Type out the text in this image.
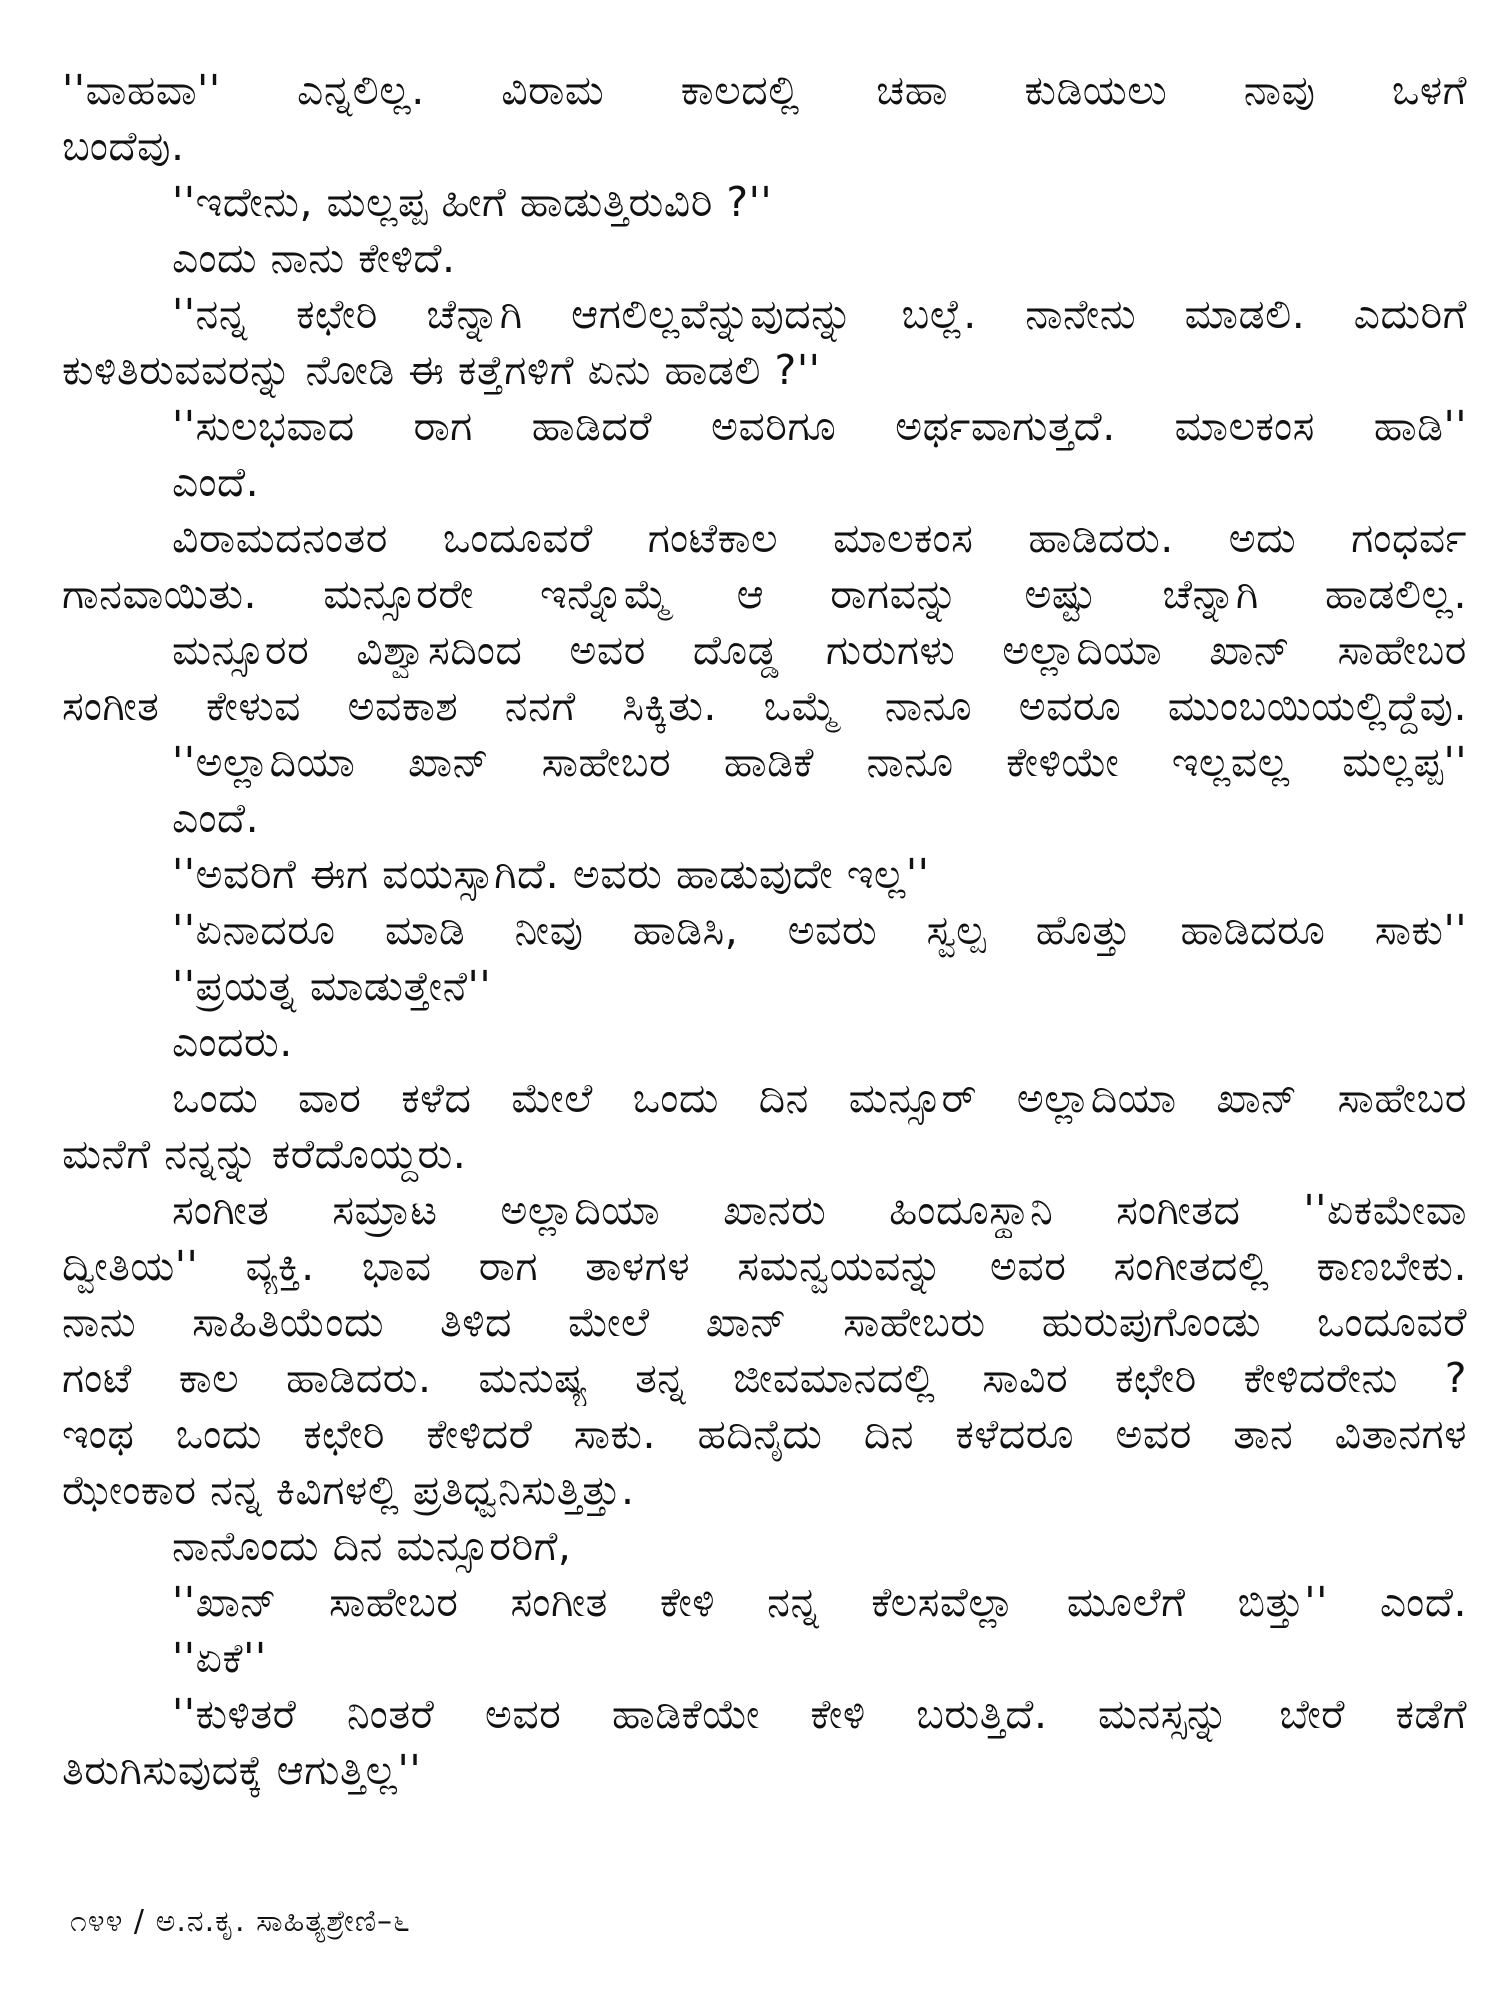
''ವಾಹವಾ'' ಎನ್ನಲಿಲ್ಲ. ವಿರಾಮ ಕಾಲದಲ್ಲಿ ಚಹಾ ಕುಡಿಯಲು ನಾವು ಒಳಗೆ
ಬಂದೆವು.
''ಇದೇನು, ಮಲ್ಲಪ್ಪ ಹೀಗೆ ಹಾಡುತ್ತಿರುವಿರಿ ?''
ಎಂದು ನಾನು ಕೇಳಿದೆ.
''ನನ್ನ ಕಛೇರಿ ಚೆನ್ನಾಗಿ ಆಗಲಿಲ್ಲವೆನ್ನುವುದನ್ನು ಬಲ್ಲೆ. ನಾನೇನು ಮಾಡಲಿ. ಎದುರಿಗೆ
ಕುಳಿತಿರುವವರನ್ನು ನೋಡಿ ಈ ಕತ್ತೆಗಳಿಗೆ ಏನು ಹಾಡಲಿ ?''
''ಸುಲಭವಾದ ರಾಗ ಹಾಡಿದರೆ ಅವರಿಗೂ ಅರ್ಥವಾಗುತ್ತದೆ. ಮಾಲಕಂಸ ಹಾಡಿ''
ಎಂದೆ.
ವಿರಾಮದನಂತರ ಒಂದೂವರೆ ಗಂಟೆಕಾಲ ಮಾಲಕಂಸ ಹಾಡಿದರು. ಅದು ಗಂಧರ್ವ
ಗಾನವಾಯಿತು. ಮನ್ಸೂರರೇ ಇನ್ನೊಮ್ಮೆ ಆ ರಾಗವನ್ನು ಅಷ್ಟು ಚೆನ್ನಾಗಿ ಹಾಡಲಿಲ್ಲ.
ಮನ್ಸೂರರ ವಿಶ್ವಾಸದಿಂದ ಅವರ ದೊಡ್ಡ ಗುರುಗಳು ಅಲ್ಲಾದಿಯಾ ಖಾನ್ ಸಾಹೇಬರ
ಸಂಗೀತ ಕೇಳುವ ಅವಕಾಶ ನನಗೆ ಸಿಕ್ಕಿತು. ಒಮ್ಮೆ ನಾನೂ ಅವರೂ ಮುಂಬಯಿಯಲ್ಲಿದ್ದೆವು.
''ಅಲ್ಲಾದಿಯಾ ಖಾನ್ ಸಾಹೇಬರ ಹಾಡಿಕೆ ನಾನೂ ಕೇಳಿಯೇ ಇಲ್ಲವಲ್ಲ ಮಲ್ಲಪ್ಪ''
ಎಂದೆ.
''ಅವರಿಗೆ ಈಗ ವಯಸ್ಸಾಗಿದೆ. ಅವರು ಹಾಡುವುದೇ ಇಲ್ಲ''
''ಏನಾದರೂ ಮಾಡಿ ನೀವು ಹಾಡಿಸಿ, ಅವರು ಸ್ವಲ್ಪ ಹೊತ್ತು ಹಾಡಿದರೂ ಸಾಕು''
''ಪ್ರಯತ್ನ ಮಾಡುತ್ತೇನೆ''
ಎಂದರು.
ಒಂದು ವಾರ ಕಳೆದ ಮೇಲೆ ಒಂದು ದಿನ ಮನ್ಸೂರ್ ಅಲ್ಲಾದಿಯಾ ಖಾನ್ ಸಾಹೇಬರ
ಮನೆಗೆ ನನ್ನನ್ನು ಕರೆದೊಯ್ದರು.
ಸಂಗೀತ ಸಮ್ರಾಟ ಅಲ್ಲಾದಿಯಾ ಖಾನರು ಹಿಂದೂಸ್ಥಾನಿ ಸಂಗೀತದ ''ಏಕಮೇವಾ
ದ್ವೀತಿಯ'' ವ್ಯಕ್ತಿ. ಭಾವ ರಾಗ ತಾಳಗಳ ಸಮನ್ವಯವನ್ನು ಅವರ ಸಂಗೀತದಲ್ಲಿ ಕಾಣಬೇಕು.
ನಾನು ಸಾಹಿತಿಯೆಂದು ತಿಳಿದ ಮೇಲೆ ಖಾನ್ ಸಾಹೇಬರು ಹುರುಪುಗೊಂಡು ಒಂದೂವರೆ
ಗಂಟೆ ಕಾಲ ಹಾಡಿದರು. ಮನುಷ್ಯ ತನ್ನ ಜೀವಮಾನದಲ್ಲಿ ಸಾವಿರ ಕಛೇರಿ ಕೇಳಿದರೇನು ?
ಇಂಥ ಒಂದು ಕಛೇರಿ ಕೇಳಿದರೆ ಸಾಕು. ಹದಿನೈದು ದಿನ ಕಳೆದರೂ ಅವರ ತಾನ ವಿತಾನಗಳ
ಝೇಂಕಾರ ನನ್ನ ಕಿವಿಗಳಲ್ಲಿ ಪ್ರತಿಧ್ವನಿಸುತ್ತಿತ್ತು.
ನಾನೊಂದು ದಿನ ಮನ್ಸೂರರಿಗೆ,
''ಖಾನ್ ಸಾಹೇಬರ ಸಂಗೀತ ಕೇಳಿ ನನ್ನ ಕೆಲಸವೆಲ್ಲಾ ಮೂಲೆಗೆ ಬಿತ್ತು'' ಎಂದೆ.
''ಏಕೆ''
''ಕುಳಿತರೆ ನಿಂತರೆ ಅವರ ಹಾಡಿಕೆಯೇ ಕೇಳಿ ಬರುತ್ತಿದೆ. ಮನಸ್ಸನ್ನು ಬೇರೆ ಕಡೆಗೆ
ತಿರುಗಿಸುವುದಕ್ಕೆ ಆಗುತ್ತಿಲ್ಲ''
೧೪೪ / ಅ.ನ.ಕೃ. ಸಾಹಿತ್ಯಶ್ರೇಣಿ–೬
